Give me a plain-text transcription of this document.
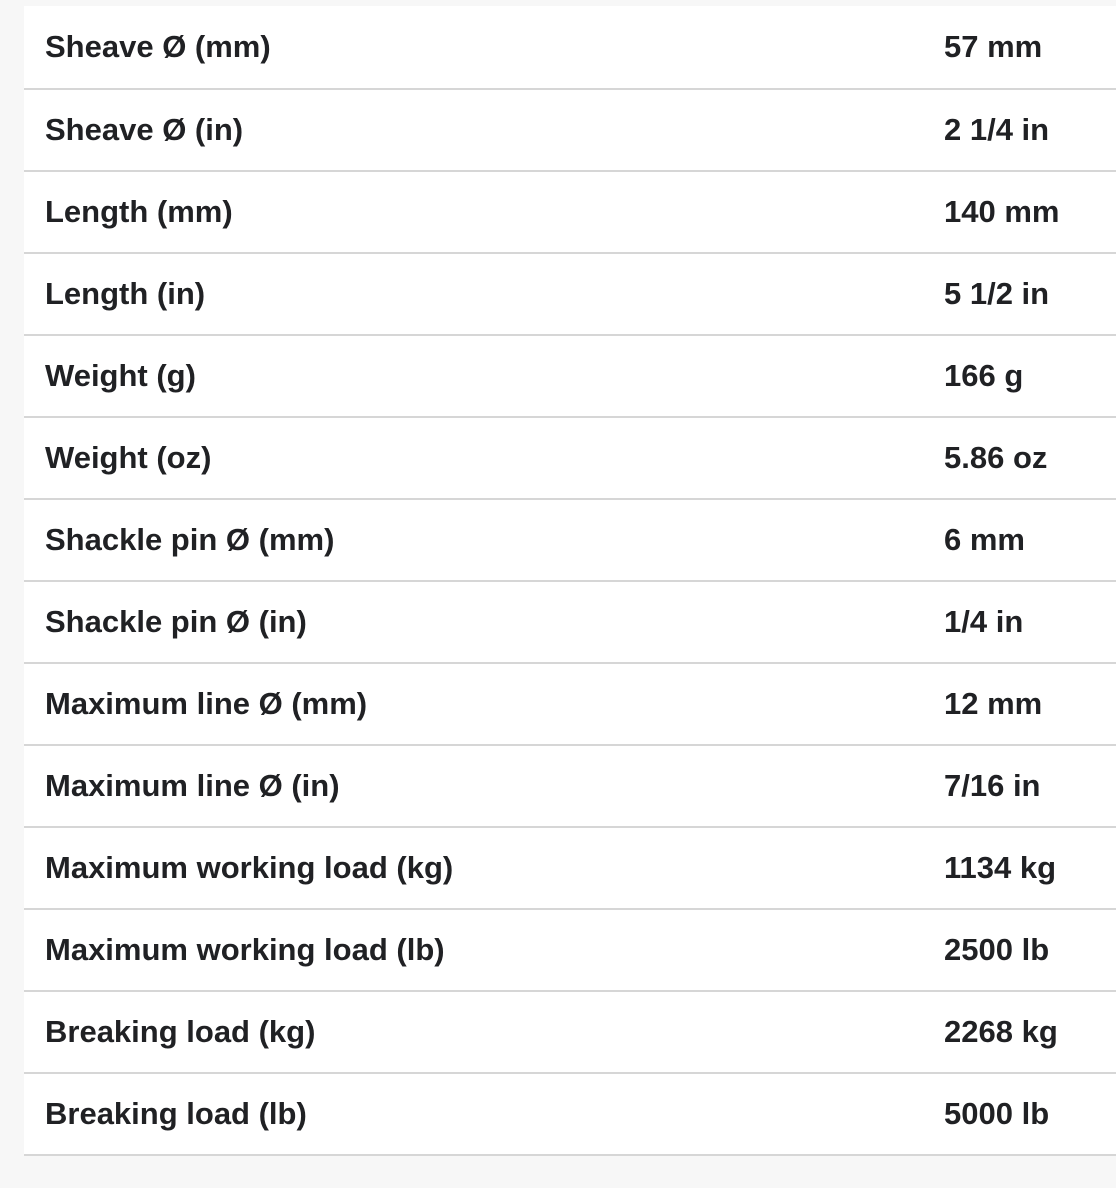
Sheave Ø (mm)	57 mm
Sheave Ø (in)	2 1/4 in
Length (mm)	140 mm
Length (in)	5 1/2 in
Weight (g)	166 g
Weight (oz)	5.86 oz
Shackle pin Ø (mm)	6 mm
Shackle pin Ø (in)	1/4 in
Maximum line Ø (mm)	12 mm
Maximum line Ø (in)	7/16 in
Maximum working load (kg)	1134 kg
Maximum working load (lb)	2500 lb
Breaking load (kg)	2268 kg
Breaking load (lb)	5000 lb
